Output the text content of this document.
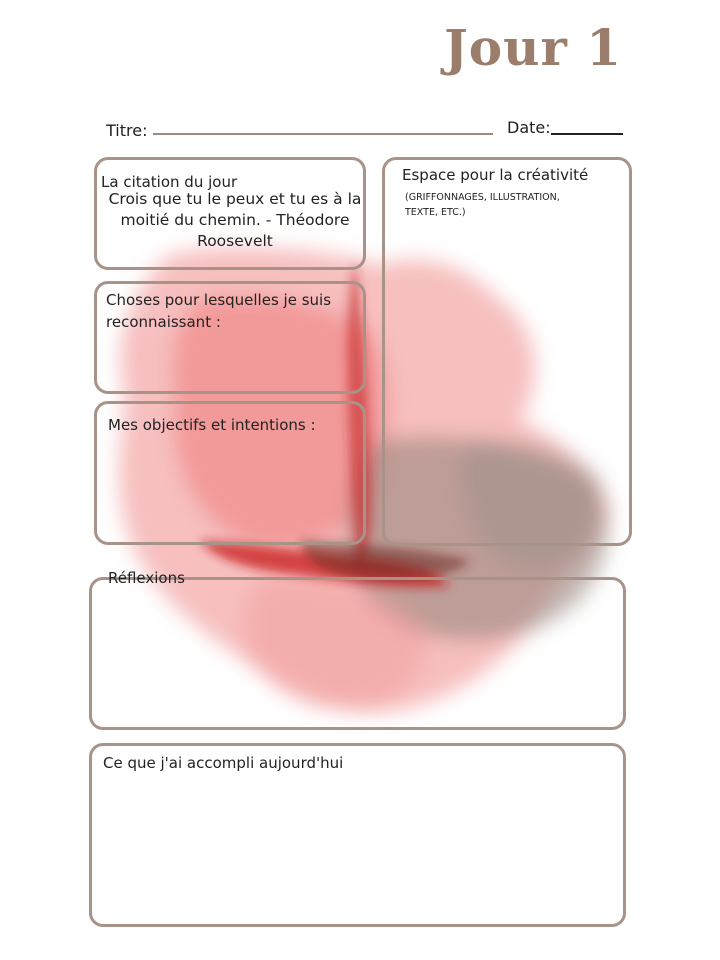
Jour 1
Titre:	Date:
La citation du jour
Crois que tu le peux et tu es à la moitié du chemin. - Théodore Roosevelt
Choses pour lesquelles je suis reconnaissant :
Mes objectifs et intentions :
Espace pour la créativité
(GRIFFONNAGES, ILLUSTRATION, TEXTE, ETC.)
Réflexions
Ce que j'ai accompli aujourd'hui
